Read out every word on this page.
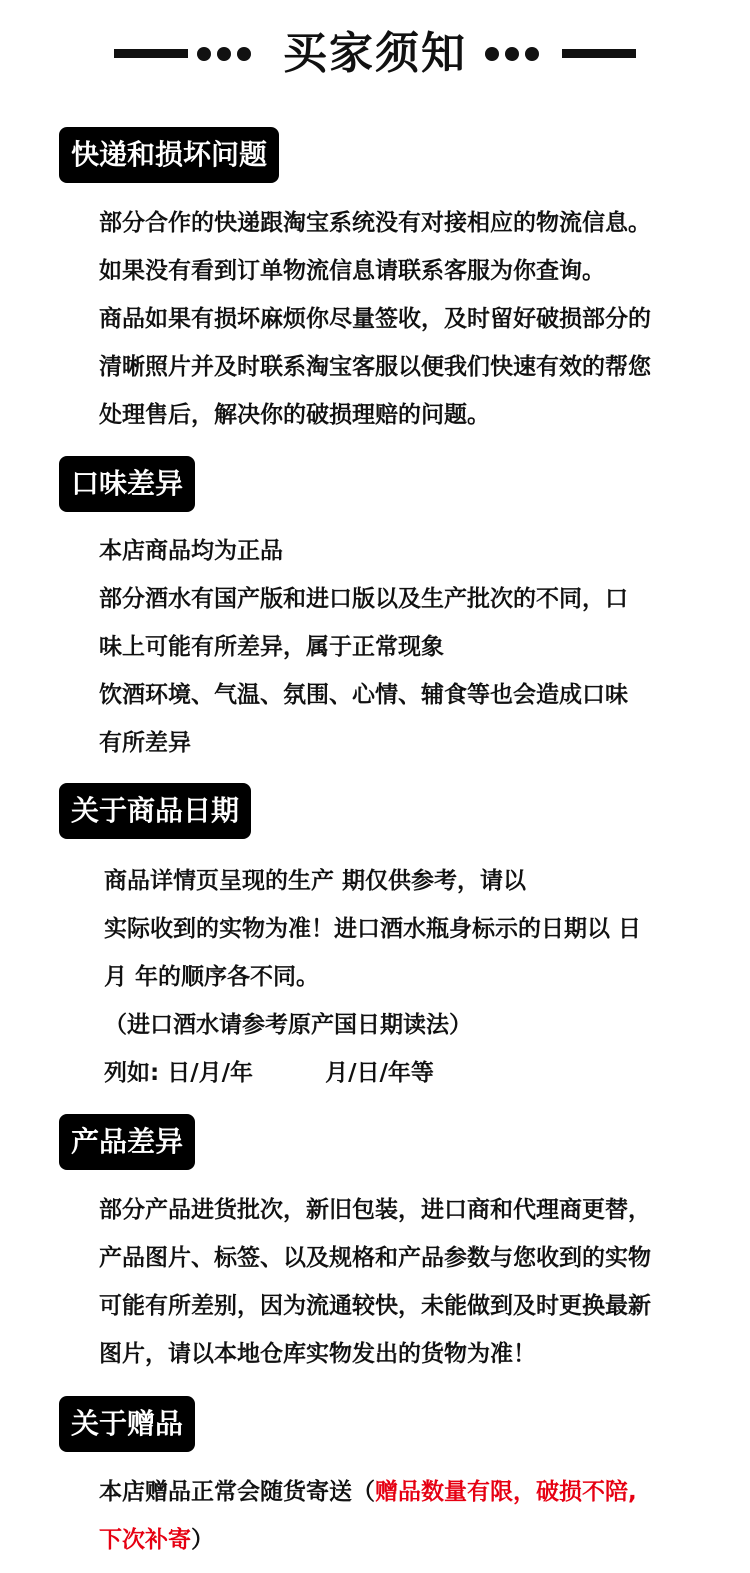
买家须知
快递和损坏问题
部分合作的快递跟淘宝系统没有对接相应的物流信息。
如果没有看到订单物流信息请联系客服为你查询。
商品如果有损坏麻烦你尽量签收，及时留好破损部分的
清晰照片并及时联系淘宝客服以便我们快速有效的帮您
处理售后，解决你的破损理赔的问题。
口味差异
本店商品均为正品
部分酒水有国产版和进口版以及生产批次的不同，口
味上可能有所差异，属于正常现象
饮酒环境、气温、氛围、心情、辅食等也会造成口味
有所差异
关于商品日期
商品详情页呈现的生产 期仅供参考，请以
实际收到的实物为准！进口酒水瓶身标示的日期以 日
月 年的顺序各不同。
（进口酒水请参考原产国日期读法）
列如: 日/月/年         月/日/年等
产品差异
部分产品进货批次，新旧包装，进口商和代理商更替，
产品图片、标签、以及规格和产品参数与您收到的实物
可能有所差别，因为流通较快，未能做到及时更换最新
图片，请以本地仓库实物发出的货物为准！
关于赠品
本店赠品正常会随货寄送（赠品数量有限，破损不陪,
下次补寄）
